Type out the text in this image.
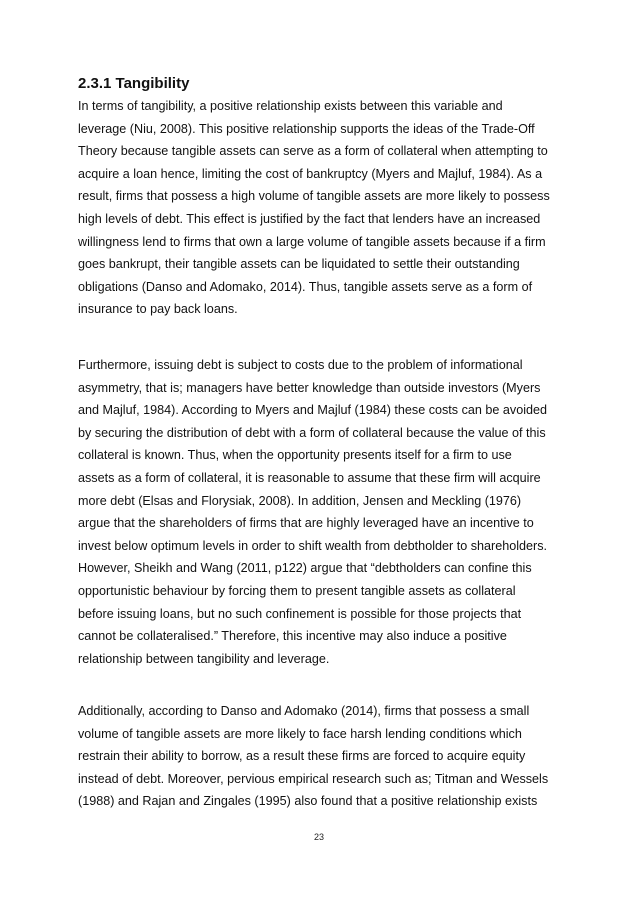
2.3.1 Tangibility
In terms of tangibility, a positive relationship exists between this variable and
leverage (Niu, 2008). This positive relationship supports the ideas of the Trade-Off
Theory because tangible assets can serve as a form of collateral when attempting to
acquire a loan hence, limiting the cost of bankruptcy (Myers and Majluf, 1984). As a
result, firms that possess a high volume of tangible assets are more likely to possess
high levels of debt. This effect is justified by the fact that lenders have an increased
willingness lend to firms that own a large volume of tangible assets because if a firm
goes bankrupt, their tangible assets can be liquidated to settle their outstanding
obligations (Danso and Adomako, 2014). Thus, tangible assets serve as a form of
insurance to pay back loans.
Furthermore, issuing debt is subject to costs due to the problem of informational
asymmetry, that is; managers have better knowledge than outside investors (Myers
and Majluf, 1984). According to Myers and Majluf (1984) these costs can be avoided
by securing the distribution of debt with a form of collateral because the value of this
collateral is known. Thus, when the opportunity presents itself for a firm to use
assets as a form of collateral, it is reasonable to assume that these firm will acquire
more debt (Elsas and Florysiak, 2008). In addition, Jensen and Meckling (1976)
argue that the shareholders of firms that are highly leveraged have an incentive to
invest below optimum levels in order to shift wealth from debtholder to shareholders.
However, Sheikh and Wang (2011, p122) argue that “debtholders can confine this
opportunistic behaviour by forcing them to present tangible assets as collateral
before issuing loans, but no such confinement is possible for those projects that
cannot be collateralised.” Therefore, this incentive may also induce a positive
relationship between tangibility and leverage.
Additionally, according to Danso and Adomako (2014), firms that possess a small
volume of tangible assets are more likely to face harsh lending conditions which
restrain their ability to borrow, as a result these firms are forced to acquire equity
instead of debt. Moreover, pervious empirical research such as; Titman and Wessels
(1988) and Rajan and Zingales (1995) also found that a positive relationship exists
23
